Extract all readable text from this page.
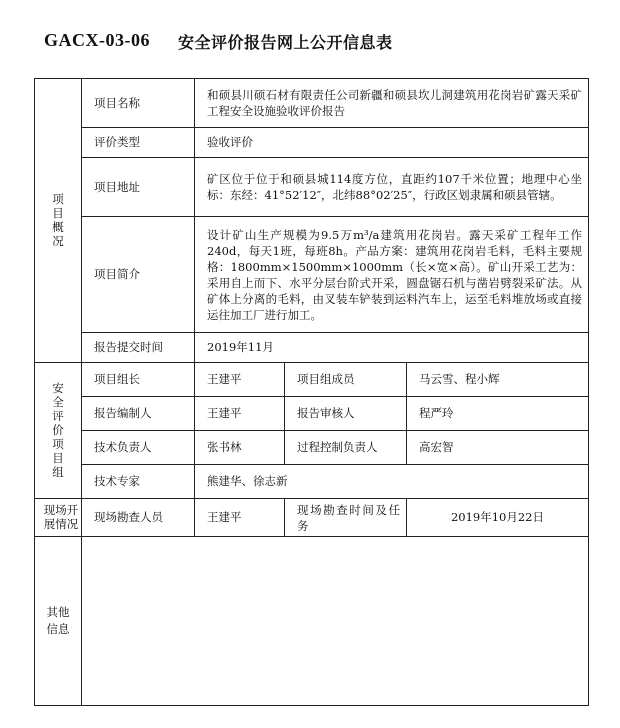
GACX-03-06 安全评价报告网上公开信息表
项目概况	项目名称	和硕县川硕石材有限责任公司新疆和硕县坎儿洞建筑用花岗岩矿露天采矿工程安全设施验收评价报告		
	评价类型	验收评价		
	项目地址	矿区位于位于和硕县城114度方位，直距约107千米位置；地理中心坐标：东经：41°52′12″，北纬88°02′25″，行政区划隶属和硕县管辖。		
	项目简介	设计矿山生产规模为9.5万m³/a建筑用花岗岩。露天采矿工程年工作240d，每天1班，每班8h。产品方案：建筑用花岗岩毛料，毛料主要规格：1800mm×1500mm×1000mm（长×宽×高）。矿山开采工艺为：采用自上而下、水平分层台阶式开采，圆盘锯石机与凿岩劈裂采矿法。从矿体上分离的毛料，由叉装车铲装到运料汽车上，运至毛料堆放场或直接运往加工厂进行加工。		
	报告提交时间	2019年11月		
安全评价项目组	项目组长	王建平	项目组成员	马云雪、程小辉
	报告编制人	王建平	报告审核人	程严玲
	技术负责人	张书林	过程控制负责人	高宏智
	技术专家	熊建华、徐志新		
现场开展情况	现场勘查人员	王建平	现场勘查时间及任务	2019年10月22日
其他信息				
